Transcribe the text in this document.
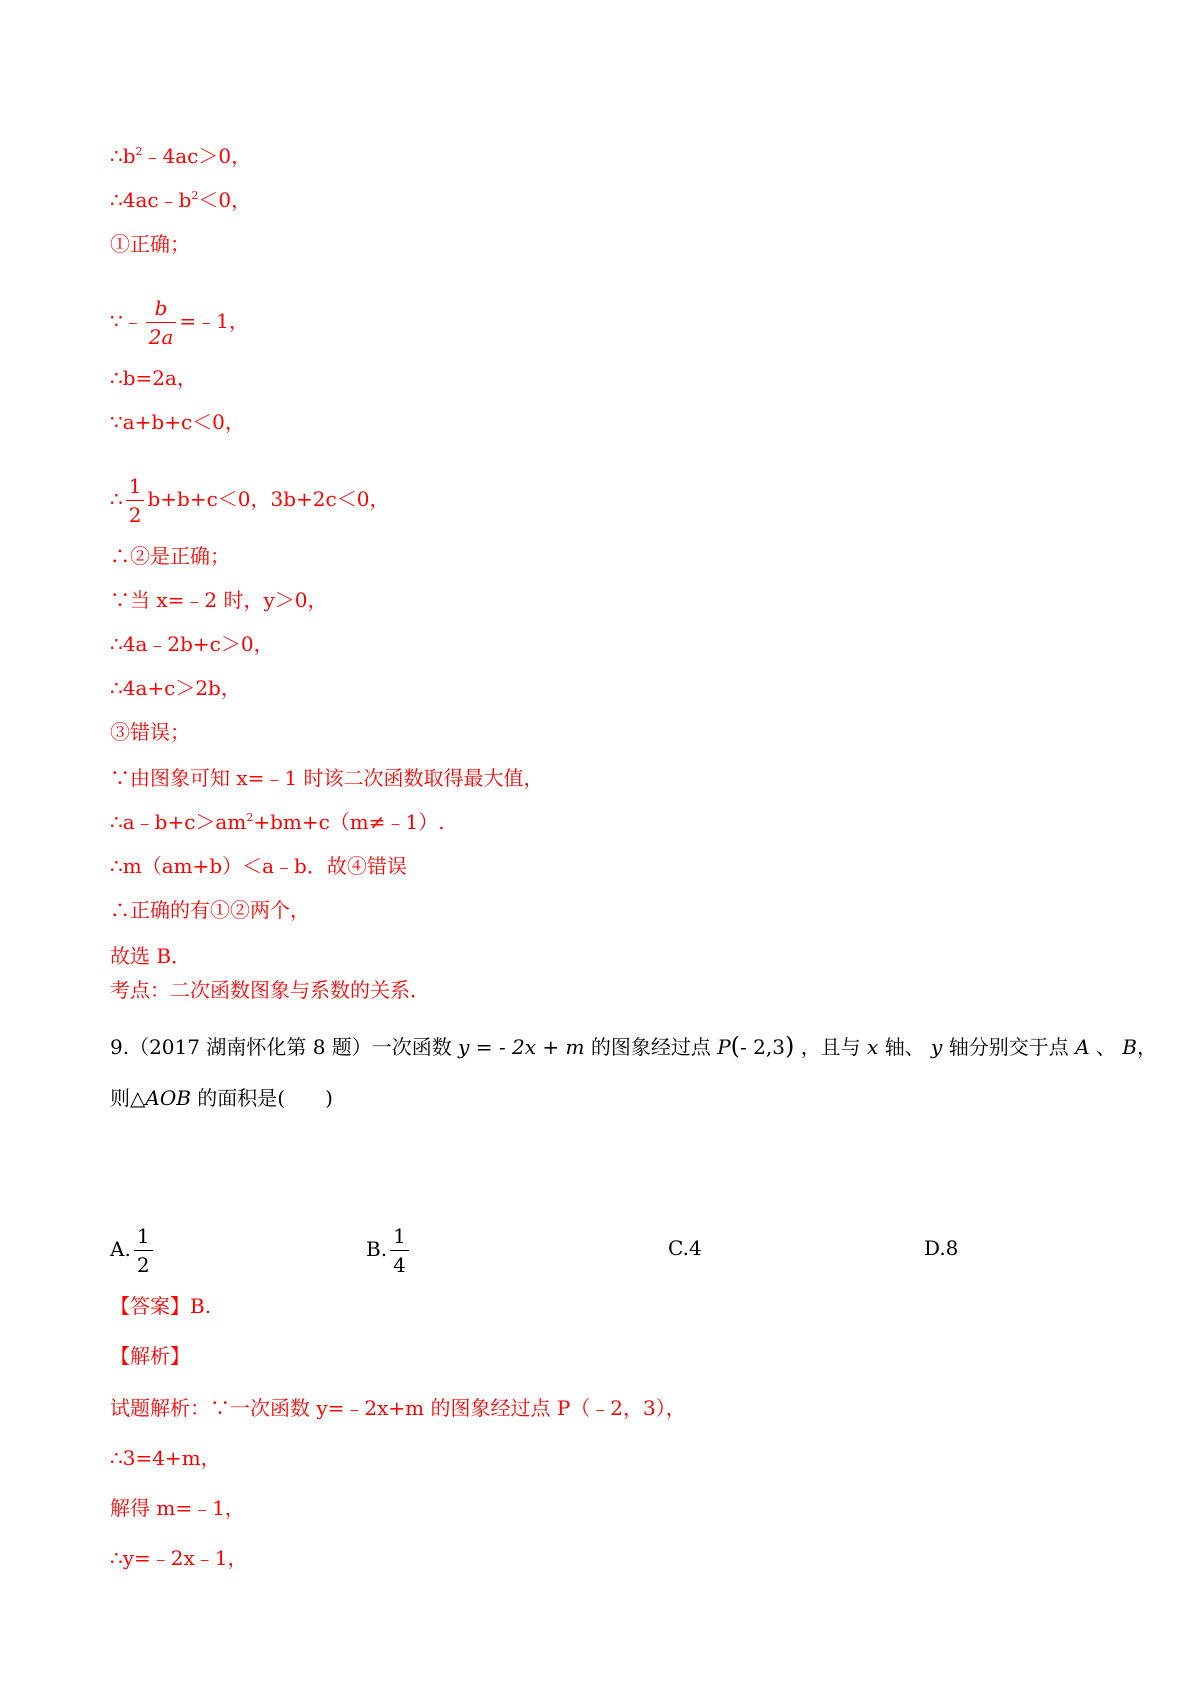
$\therefore b^2﹣4ac>0$，
$\therefore 4ac﹣b^2<0$，
①正确；
∵﹣ $\frac{b}{2a}$ =﹣1，
∴b=2a，
∵a+b+c＜0，
∴ $\frac{1}{2} b+b+c<0$，3b+2c＜0，
∴②是正确；
∵当 x=﹣2 时，y＞0，
∴4a﹣2b+c＞0，
∴4a+c＞2b，
③错误；
∵由图象可知 x=﹣1 时该二次函数取得最大值，
$\therefore a﹣b+c>am^2+bm+c(m\ne﹣1)$.
∴m（am+b）＜a﹣b．故④错误
∴正确的有①②两个，
故选 B．
考点：二次函数图象与系数的关系．
9.（2017 湖南怀化第 8 题）一次函数 y = - 2x + m 的图象经过点 P(- 2,3) ，且与 x 轴、 y 轴分别交于点 A 、 B，
则△AOB 的面积是(　　)
A. $\frac{1}{2}$	B. $\frac{1}{4}$	C.4	D.8
【答案】B.
【解析】
试题解析：∵一次函数 y=﹣2x+m 的图象经过点 P（﹣2，3），
∴3=4+m，
解得 m=﹣1，
∴y=﹣2x﹣1，
